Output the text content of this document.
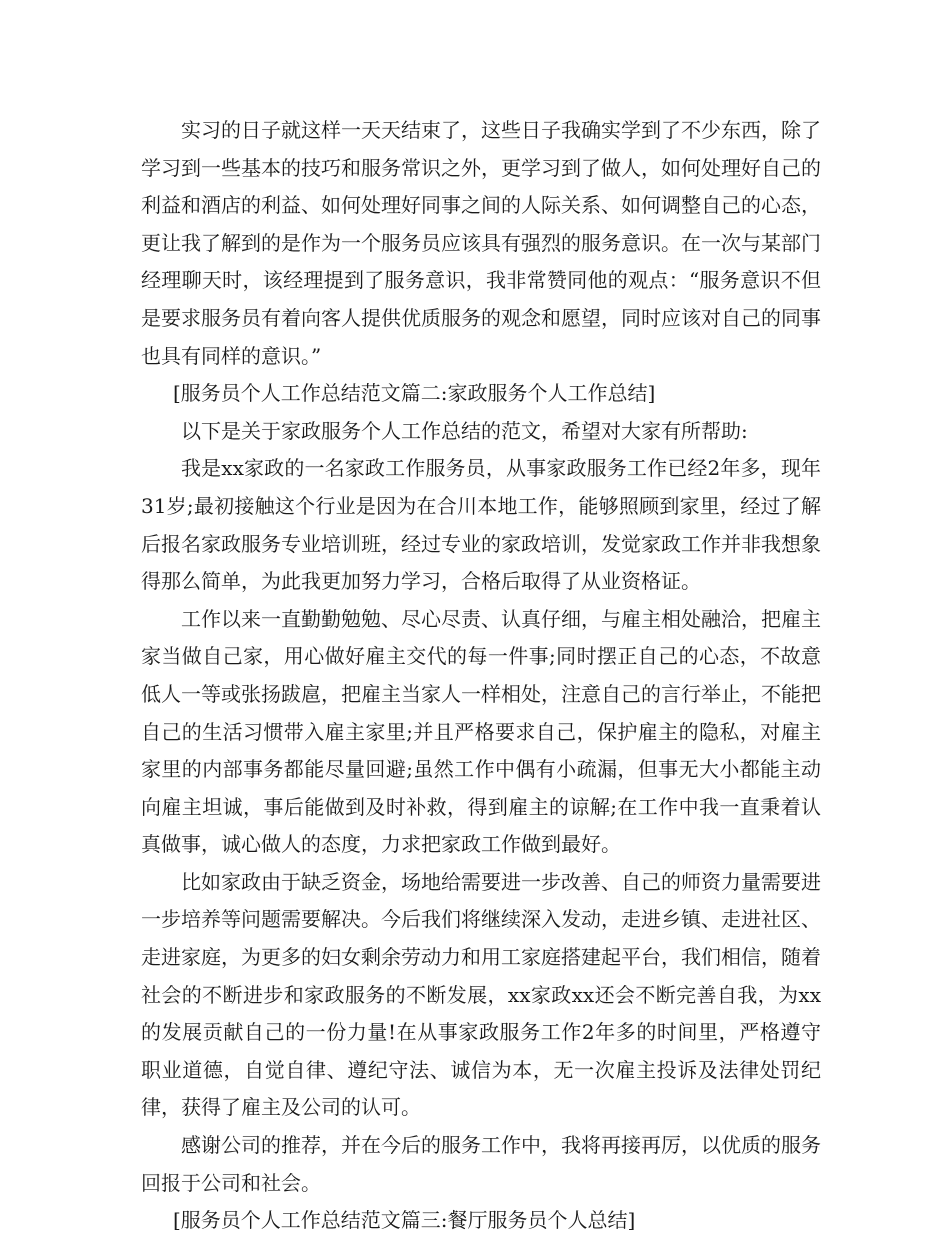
实习的日子就这样一天天结束了，这些日子我确实学到了不少东西，除了学习到一些基本的技巧和服务常识之外，更学习到了做人，如何处理好自己的利益和酒店的利益、如何处理好同事之间的人际关系、如何调整自己的心态，更让我了解到的是作为一个服务员应该具有强烈的服务意识。在一次与某部门经理聊天时，该经理提到了服务意识，我非常赞同他的观点：“服务意识不但是要求服务员有着向客人提供优质服务的观念和愿望，同时应该对自己的同事也具有同样的意识。”

[服务员个人工作总结范文篇二:家政服务个人工作总结]

以下是关于家政服务个人工作总结的范文，希望对大家有所帮助:

我是xx家政的一名家政工作服务员，从事家政服务工作已经2年多，现年31岁;最初接触这个行业是因为在合川本地工作，能够照顾到家里，经过了解后报名家政服务专业培训班，经过专业的家政培训，发觉家政工作并非我想象得那么简单，为此我更加努力学习，合格后取得了从业资格证。

工作以来一直勤勤勉勉、尽心尽责、认真仔细，与雇主相处融洽，把雇主家当做自己家，用心做好雇主交代的每一件事;同时摆正自己的心态，不故意低人一等或张扬跋扈，把雇主当家人一样相处，注意自己的言行举止，不能把自己的生活习惯带入雇主家里;并且严格要求自己，保护雇主的隐私，对雇主家里的内部事务都能尽量回避;虽然工作中偶有小疏漏，但事无大小都能主动向雇主坦诚，事后能做到及时补救，得到雇主的谅解;在工作中我一直秉着认真做事，诚心做人的态度，力求把家政工作做到最好。

比如家政由于缺乏资金，场地给需要进一步改善、自己的师资力量需要进一步培养等问题需要解决。今后我们将继续深入发动，走进乡镇、走进社区、走进家庭，为更多的妇女剩余劳动力和用工家庭搭建起平台，我们相信，随着社会的不断进步和家政服务的不断发展，xx家政xx还会不断完善自我，为xx的发展贡献自己的一份力量!在从事家政服务工作2年多的时间里，严格遵守职业道德，自觉自律、遵纪守法、诚信为本，无一次雇主投诉及法律处罚纪律，获得了雇主及公司的认可。

感谢公司的推荐，并在今后的服务工作中，我将再接再厉，以优质的服务回报于公司和社会。

[服务员个人工作总结范文篇三:餐厅服务员个人总结]
